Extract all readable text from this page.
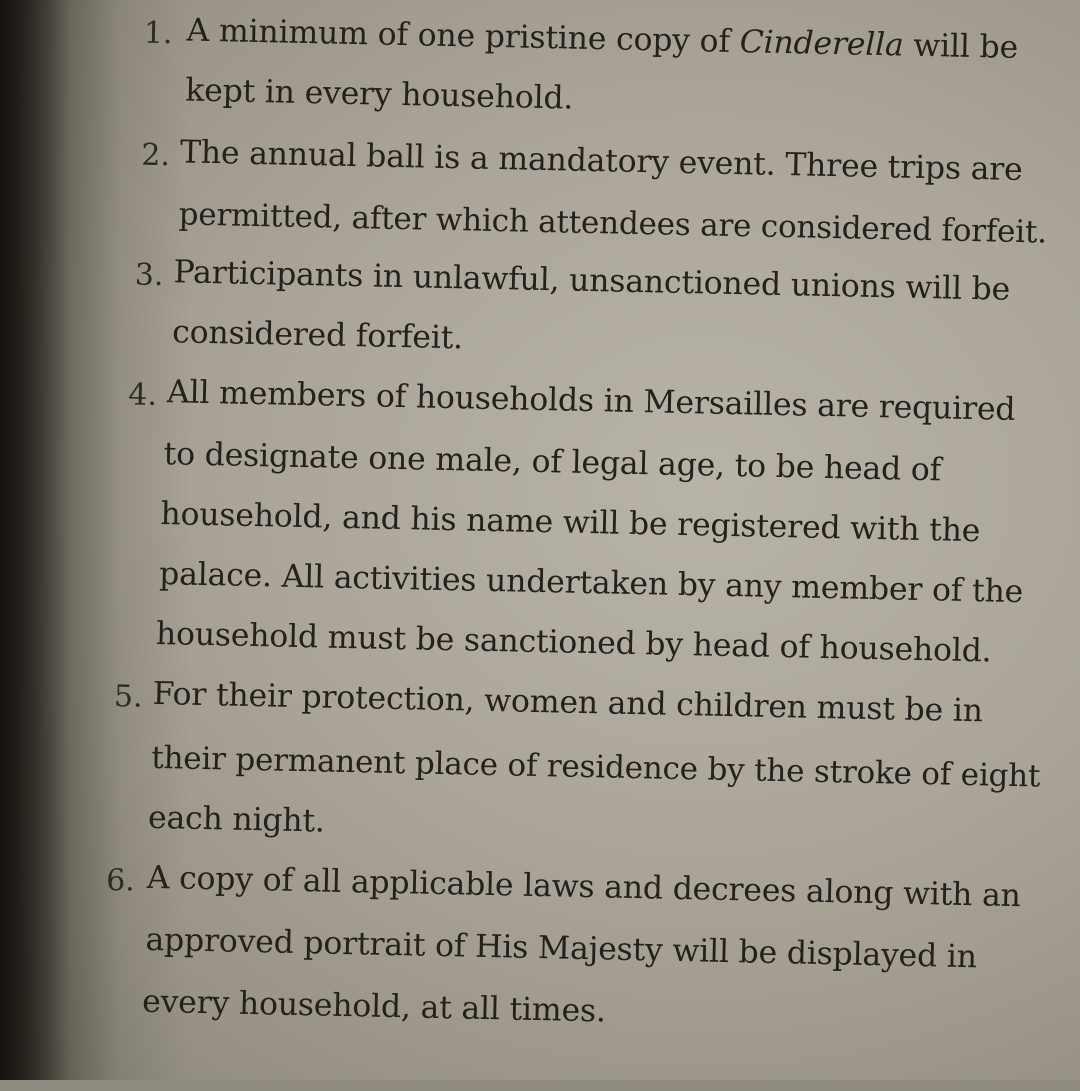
1. A minimum of one pristine copy of Cinderella will be
kept in every household.
2. The annual ball is a mandatory event. Three trips are
permitted, after which attendees are considered forfeit.
3. Participants in unlawful, unsanctioned unions will be
considered forfeit.
4. All members of households in Mersailles are required
to designate one male, of legal age, to be head of
household, and his name will be registered with the
palace. All activities undertaken by any member of the
household must be sanctioned by head of household.
5. For their protection, women and children must be in
their permanent place of residence by the stroke of eight
each night.
6. A copy of all applicable laws and decrees along with an
approved portrait of His Majesty will be displayed in
every household, at all times.
